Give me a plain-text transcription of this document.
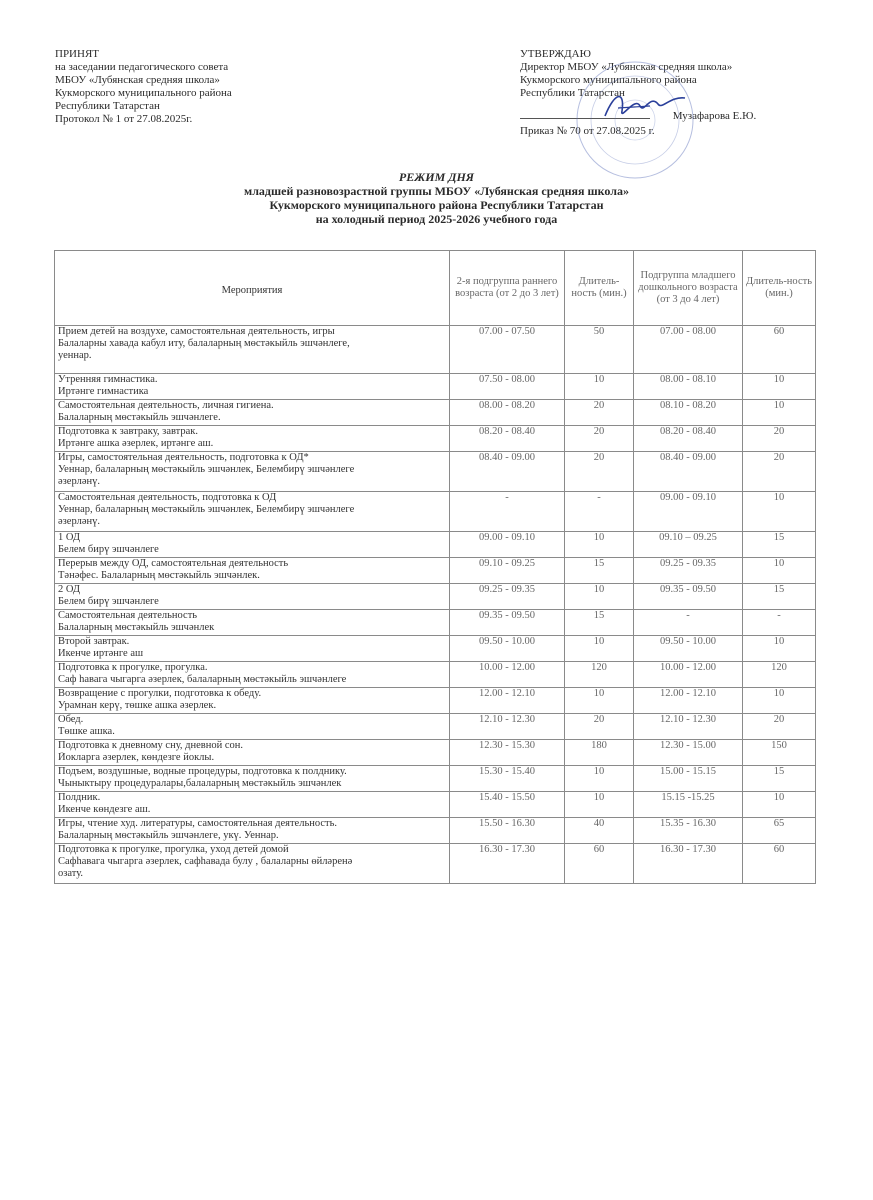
ПРИНЯТ
на заседании педагогического совета
МБОУ «Лубянская средняя школа»
Кукморского муниципального района
Республики Татарстан
Протокол № 1 от 27.08.2025г.
УТВЕРЖДАЮ
Директор МБОУ «Лубянская средняя школа»
Кукморского муниципального района
Республики Татарстан
Музафарова Е.Ю.
Приказ № 70 от 27.08.2025 г.
РЕЖИМ ДНЯ
младшей разновозрастной группы МБОУ «Лубянская средняя школа»
Кукморского муниципального района Республики Татарстан
на холодный период 2025-2026 учебного года
Мероприятия	2-я подгруппа раннего возраста (от 2 до 3 лет)	Длитель-ность (мин.)	Подгруппа младшего дошкольного возраста (от 3 до 4 лет)	Длитель-ность (мин.)

Прием детей на воздухе, самостоятельная деятельность, игры
Балаларны хавада кабул иту, балаларның мөстәкыйль эшчәнлеге,
уеннар.	07.00 - 07.50	50	07.00 - 08.00	60

Утренняя гимнастика.
Иртәнге гимнастика	07.50 - 08.00	10	08.00 - 08.10	10

Самостоятельная деятельность, личная гигиена.
Балаларның мөстәкыйль эшчәнлеге.	08.00 - 08.20	20	08.10 - 08.20	10

Подготовка к завтраку, завтрак.
Иртәнге ашка әзерлек, иртәнге аш.	08.20 - 08.40	20	08.20 - 08.40	20

Игры, самостоятельная деятельность, подготовка к ОД*
Уеннар, балаларның мөстәкыйль эшчәнлек, Белембирү эшчәнлеге
әзерләнү.	08.40 - 09.00	20	08.40 - 09.00	20

Самостоятельная деятельность, подготовка к ОД
Уеннар, балаларның мөстәкыйль эшчәнлек, Белембирү эшчәнлеге
әзерләнү.	-	-	09.00 - 09.10	10

1 ОД
Белем бирү эшчәнлеге	09.00 - 09.10	10	09.10 – 09.25	15

Перерыв между ОД, самостоятельная деятельность
Тәнәфес. Балаларның мөстәкыйль эшчәнлек.	09.10 - 09.25	15	09.25 - 09.35	10

2 ОД
Белем бирү эшчәнлеге	09.25 - 09.35	10	09.35 - 09.50	15

Самостоятельная деятельность
Балаларның мөстәкыйль эшчәнлек	09.35 - 09.50	15	-	-

Второй завтрак.
Икенче иртәнге аш	09.50 - 10.00	10	09.50 - 10.00	10

Подготовка к прогулке, прогулка.
Саф һавага чыгарга әзерлек, балаларның мөстәкыйль эшчәнлеге	10.00 - 12.00	120	10.00 - 12.00	120

Возвращение с прогулки, подготовка к обеду.
Урамнан керү, төшке ашка әзерлек.	12.00 - 12.10	10	12.00 - 12.10	10

Обед.
Төшке ашка.	12.10 - 12.30	20	12.10 - 12.30	20

Подготовка к дневному сну, дневной сон.
Йокларга әзерлек, көндезге йоклы.	12.30 - 15.30	180	12.30 - 15.00	150

Подъем, воздушные, водные процедуры, подготовка к полднику.
Чыныктыру процедуралары,балаларның мөстәкыйль эшчәнлек	15.30 - 15.40	10	15.00 - 15.15	15

Полдник.
Икенче көндезге аш.	15.40 - 15.50	10	15.15 -15.25	10

Игры, чтение худ. литературы, самостоятельная деятельность.
Балаларның мөстәкыйль эшчәнлеге, укү. Уеннар.	15.50 - 16.30	40	15.35 - 16.30	65

Подготовка к прогулке, прогулка, уход детей домой
Сафһавага чыгарга әзерлек, сафһавада булу , балаларны өйләренә
озату.	16.30 - 17.30	60	16.30 - 17.30	60
